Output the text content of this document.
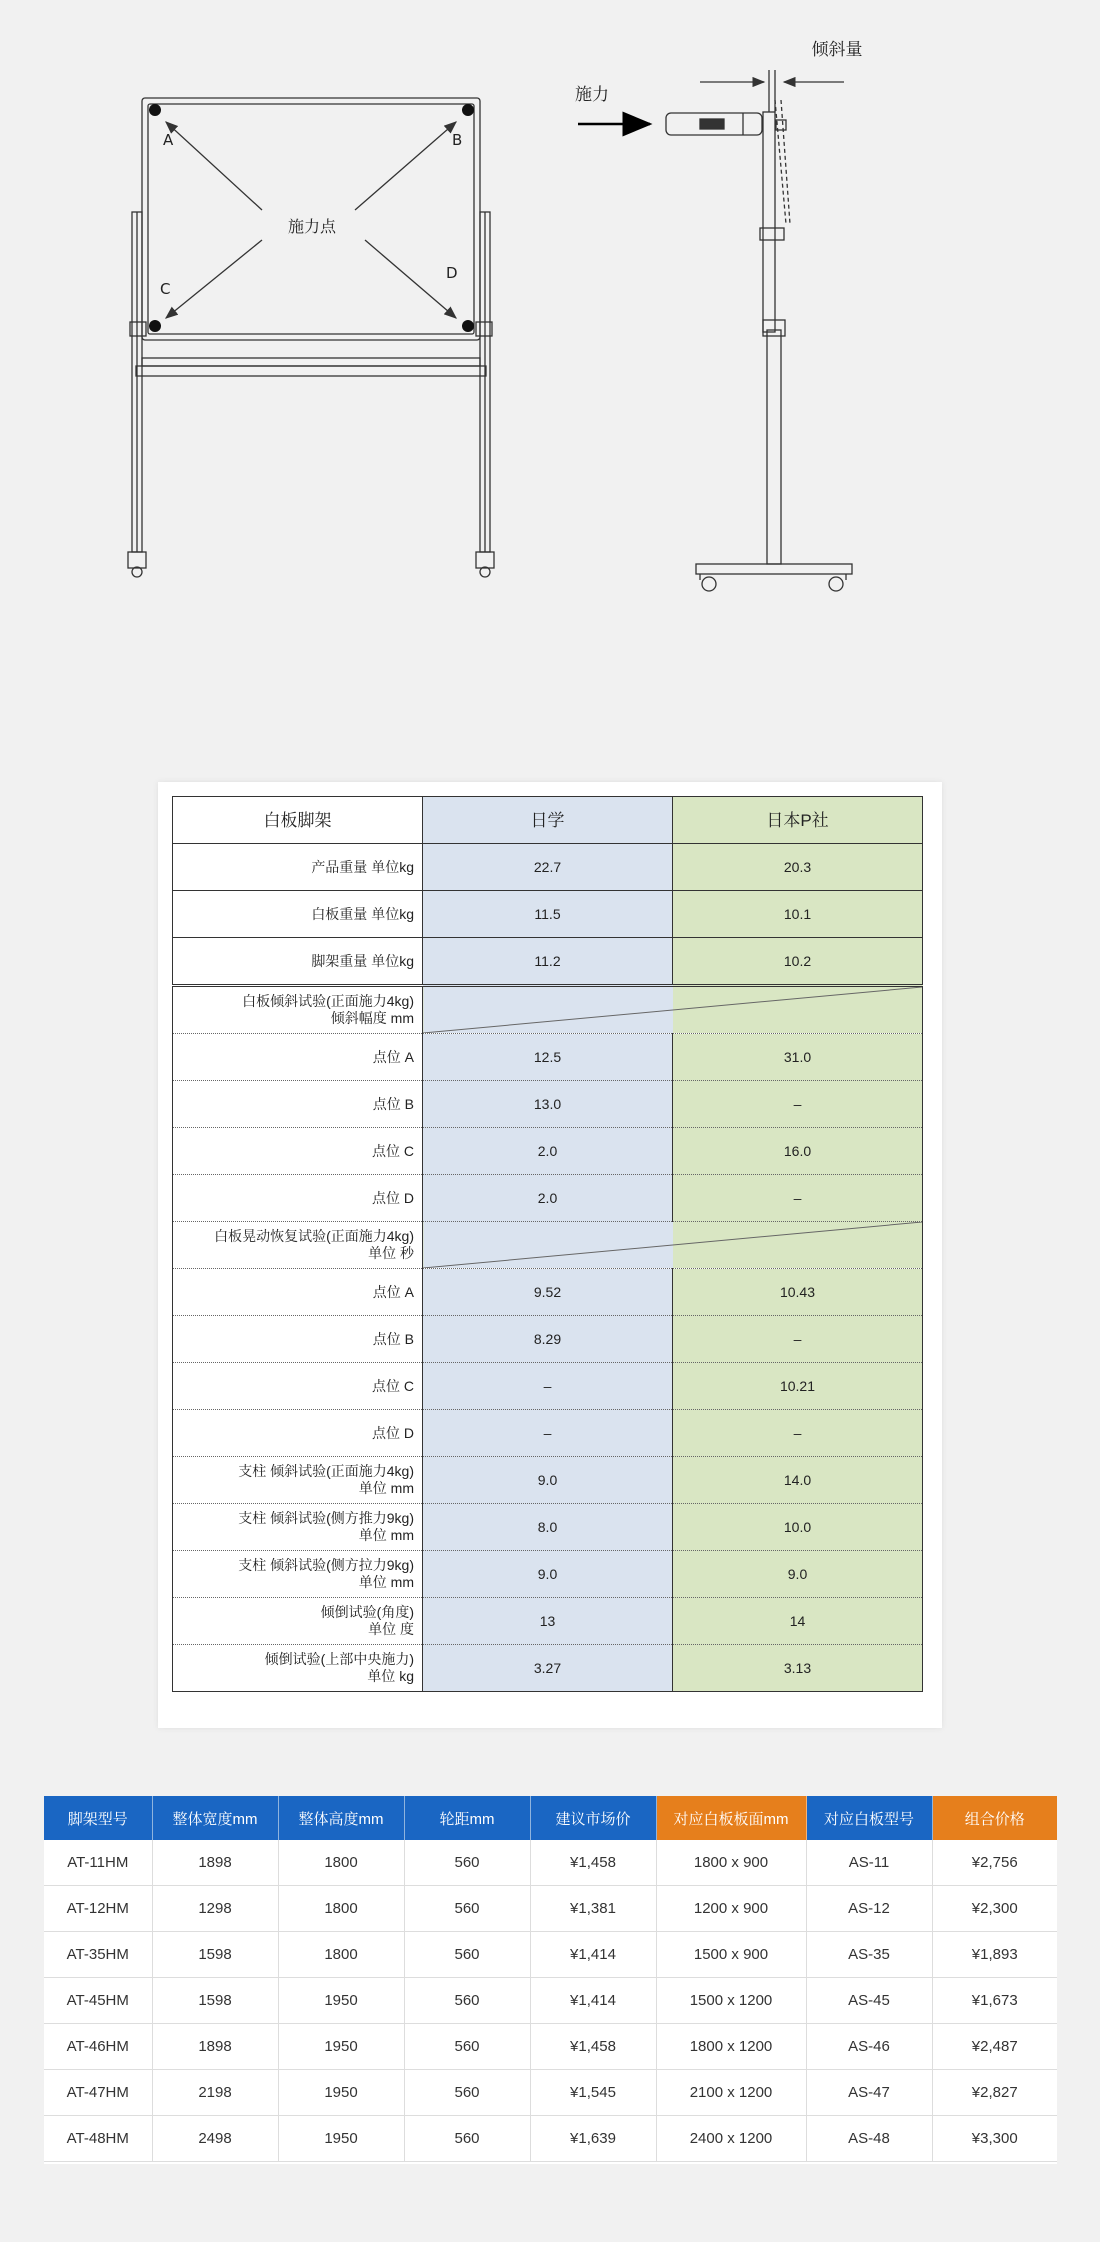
施力点
A	B
C
D
施力
倾斜量
白板脚架	日学	日本P社

产品重量 单位kg	22.7	20.3

白板重量 单位kg	11.5	10.1

脚架重量 单位kg	11.2	10.2

白板倾斜试验(正面施力4kg)
倾斜幅度 mm

点位 A	12.5	31.0

点位 B	13.0	–

点位 C	2.0	16.0

点位 D	2.0	–

白板晃动恢复试验(正面施力4kg)
单位 秒

点位 A	9.52	10.43

点位 B	8.29	–

点位 C	–	10.21

点位 D	–	–

支柱 倾斜试验(正面施力4kg)
单位 mm	9.0	14.0

支柱 倾斜试验(侧方推力9kg)
单位 mm	8.0	10.0

支柱 倾斜试验(侧方拉力9kg)
单位 mm	9.0	9.0

倾倒试验(角度)
单位 度	13	14

倾倒试验(上部中央施力)
单位 kg	3.27	3.13
脚架型号	整体宽度mm	整体高度mm	轮距mm	建议市场价	对应白板板面mm	对应白板型号	组合价格
AT-11HM	1898	1800	560	¥1,458	1800 x 900	AS-11	¥2,756
AT-12HM	1298	1800	560	¥1,381	1200 x 900	AS-12	¥2,300
AT-35HM	1598	1800	560	¥1,414	1500 x 900	AS-35	¥1,893
AT-45HM	1598	1950	560	¥1,414	1500 x 1200	AS-45	¥1,673
AT-46HM	1898	1950	560	¥1,458	1800 x 1200	AS-46	¥2,487
AT-47HM	2198	1950	560	¥1,545	2100 x 1200	AS-47	¥2,827
AT-48HM	2498	1950	560	¥1,639	2400 x 1200	AS-48	¥3,300
